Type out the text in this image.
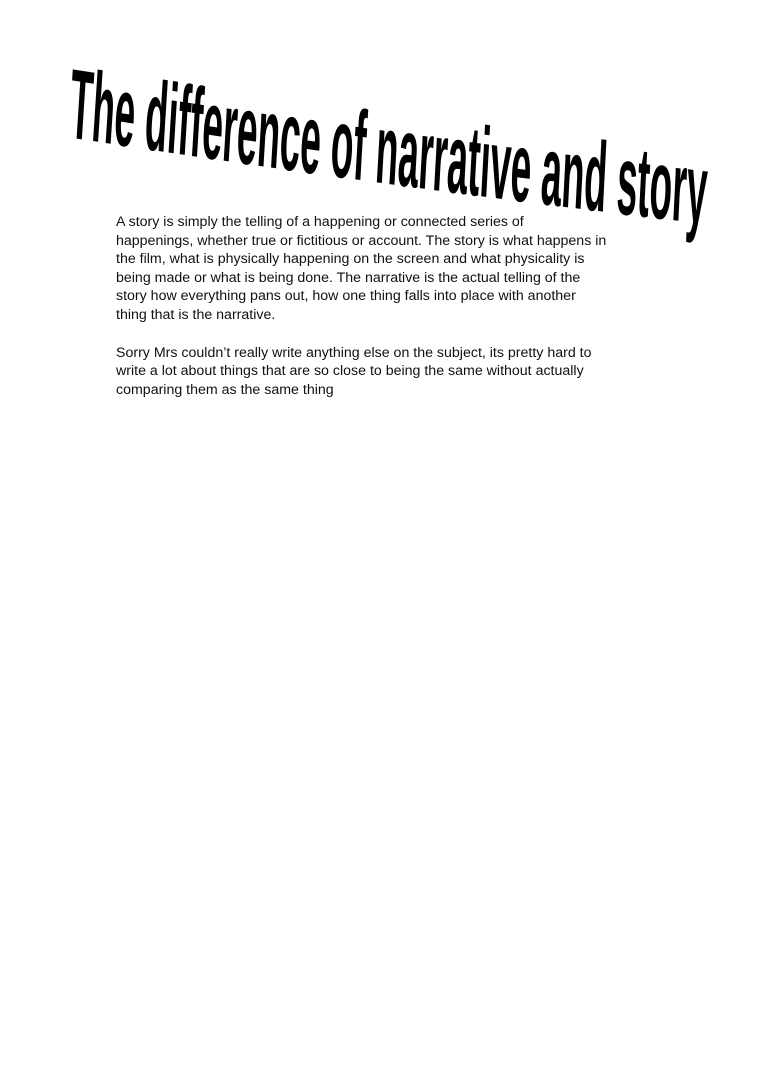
The difference of narrative and story

A story is simply the telling of a happening or connected series of
happenings, whether true or fictitious or account. The story is what happens in
the film, what is physically happening on the screen and what physicality is
being made or what is being done. The narrative is the actual telling of the
story how everything pans out, how one thing falls into place with another
thing that is the narrative.

Sorry Mrs couldn’t really write anything else on the subject, its pretty hard to
write a lot about things that are so close to being the same without actually
comparing them as the same thing
